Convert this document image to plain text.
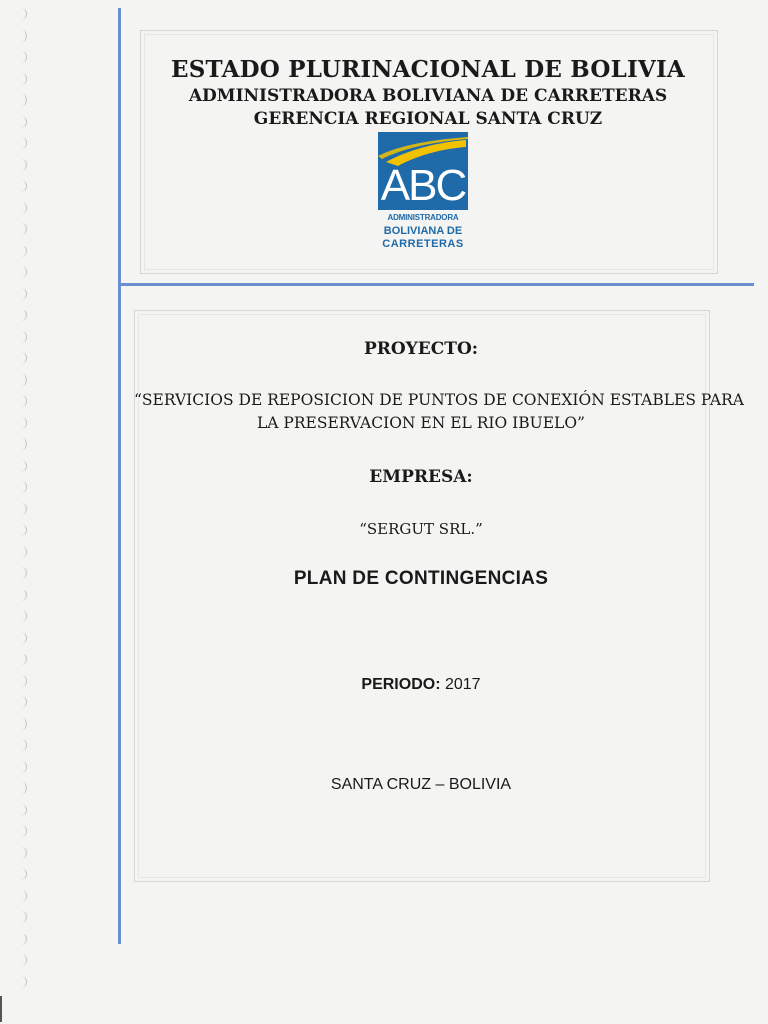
ESTADO PLURINACIONAL DE BOLIVIA
ADMINISTRADORA BOLIVIANA DE CARRETERAS
GERENCIA REGIONAL SANTA CRUZ
ABC
ADMINISTRADORA
BOLIVIANA DE
CARRETERAS
PROYECTO:
“SERVICIOS DE REPOSICION DE PUNTOS DE CONEXIÓN ESTABLES PARA
LA PRESERVACION EN EL RIO IBUELO”
EMPRESA:
“SERGUT SRL.”
PLAN DE CONTINGENCIAS
PERIODO: 2017
SANTA CRUZ – BOLIVIA
